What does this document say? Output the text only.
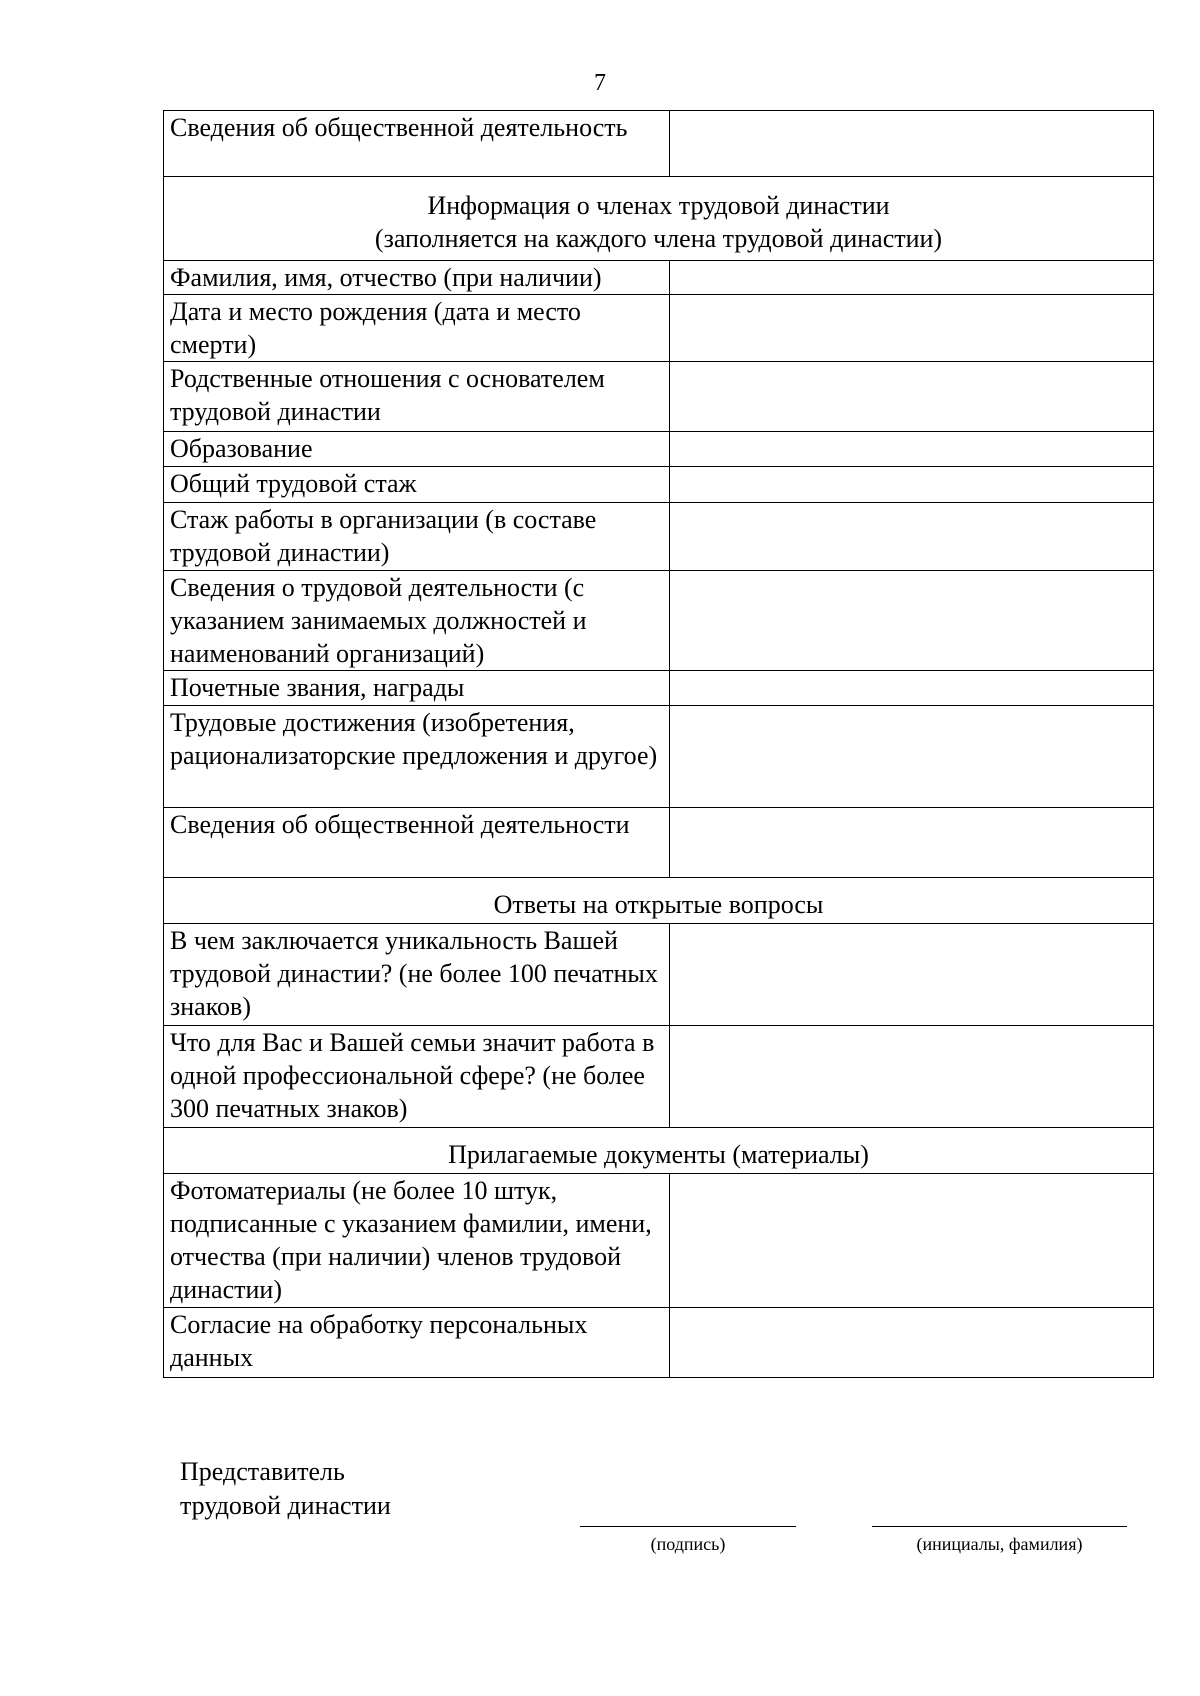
7
Сведения об общественной деятельность	

Информация о членах трудовой династии
(заполняется на каждого члена трудовой династии)	

Фамилия, имя, отчество (при наличии)	
Дата и место рождения (дата и место смерти)	
Родственные отношения с основателем трудовой династии	
Образование	
Общий трудовой стаж	
Стаж работы в организации (в составе трудовой династии)	
Сведения о трудовой деятельности (с указанием занимаемых должностей и наименований организаций)	
Почетные звания, награды	
Трудовые достижения (изобретения, рационализаторские предложения и другое)	
Сведения об общественной деятельности	
Ответы на открытые вопросы	
В чем заключается уникальность Вашей трудовой династии? (не более 100 печатных знаков)	
Что для Вас и Вашей семьи значит работа в одной профессиональной сфере? (не более 300 печатных знаков)	
Прилагаемые документы (материалы)	
Фотоматериалы (не более 10 штук, подписанные с указанием фамилии, имени, отчества (при наличии) членов трудовой династии)	
Согласие на обработку персональных данных	
Представитель
трудовой династии
(подпись)	(инициалы, фамилия)
